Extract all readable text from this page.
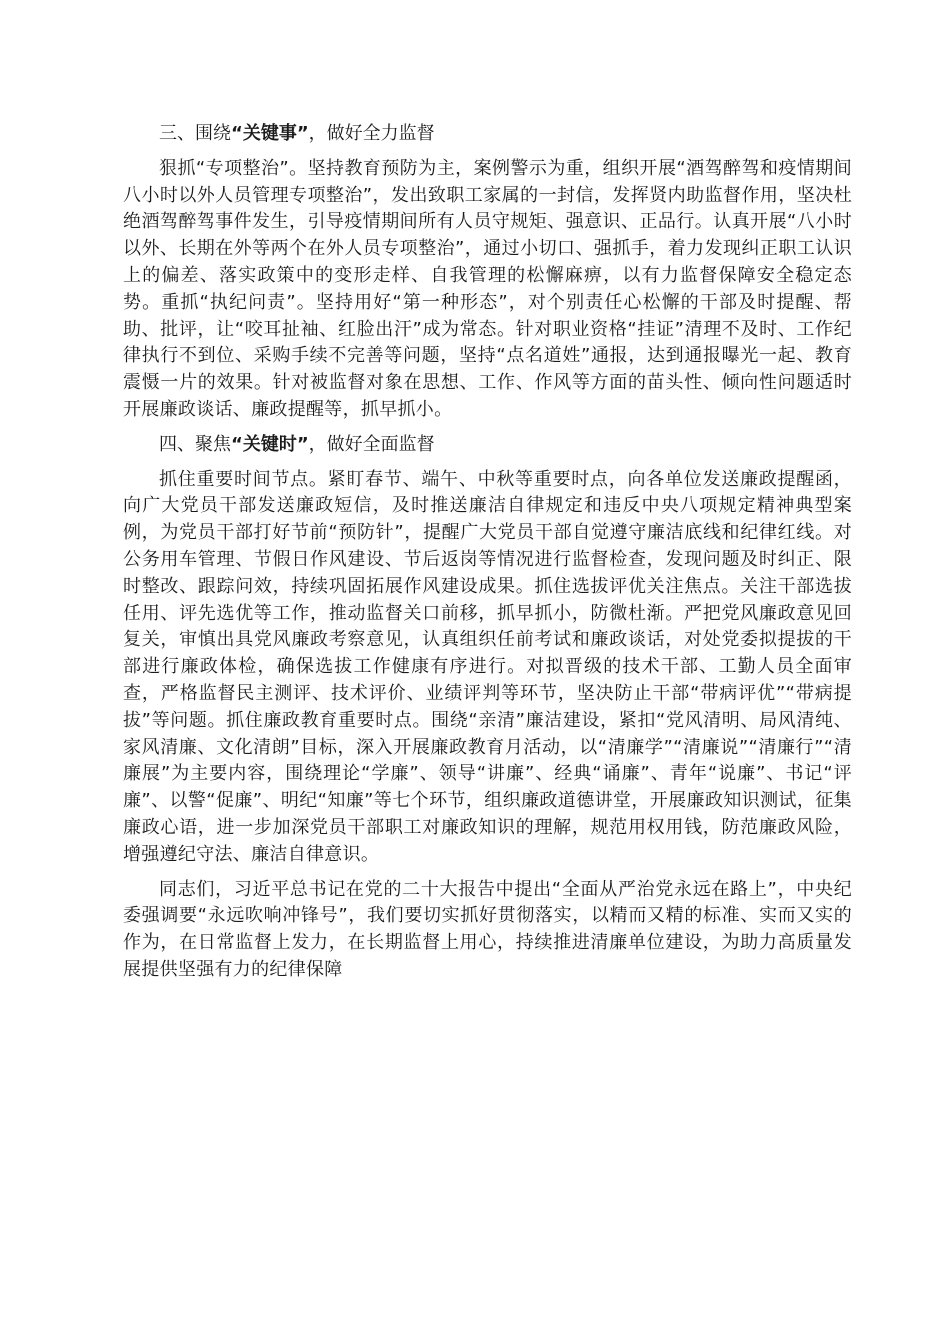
三、围绕“关键事”，做好全力监督

狠抓“专项整治”。坚持教育预防为主，案例警示为重，组织开展“酒驾醉驾和疫情期间八小时以外人员管理专项整治”，发出致职工家属的一封信，发挥贤内助监督作用，坚决杜绝酒驾醉驾事件发生，引导疫情期间所有人员守规矩、强意识、正品行。认真开展“八小时以外、长期在外等两个在外人员专项整治”，通过小切口、强抓手，着力发现纠正职工认识上的偏差、落实政策中的变形走样、自我管理的松懈麻痹，以有力监督保障安全稳定态势。重抓“执纪问责”。坚持用好“第一种形态”，对个别责任心松懈的干部及时提醒、帮助、批评，让“咬耳扯袖、红脸出汗”成为常态。针对职业资格“挂证”清理不及时、工作纪律执行不到位、采购手续不完善等问题，坚持“点名道姓”通报，达到通报曝光一起、教育震慑一片的效果。针对被监督对象在思想、工作、作风等方面的苗头性、倾向性问题适时开展廉政谈话、廉政提醒等，抓早抓小。

四、聚焦“关键时”，做好全面监督

抓住重要时间节点。紧盯春节、端午、中秋等重要时点，向各单位发送廉政提醒函，向广大党员干部发送廉政短信，及时推送廉洁自律规定和违反中央八项规定精神典型案例，为党员干部打好节前“预防针”，提醒广大党员干部自觉遵守廉洁底线和纪律红线。对公务用车管理、节假日作风建设、节后返岗等情况进行监督检查，发现问题及时纠正、限时整改、跟踪问效，持续巩固拓展作风建设成果。抓住选拔评优关注焦点。关注干部选拔任用、评先选优等工作，推动监督关口前移，抓早抓小，防微杜渐。严把党风廉政意见回复关，审慎出具党风廉政考察意见，认真组织任前考试和廉政谈话，对处党委拟提拔的干部进行廉政体检，确保选拔工作健康有序进行。对拟晋级的技术干部、工勤人员全面审查，严格监督民主测评、技术评价、业绩评判等环节，坚决防止干部“带病评优”“带病提拔”等问题。抓住廉政教育重要时点。围绕“亲清”廉洁建设，紧扣“党风清明、局风清纯、家风清廉、文化清朗”目标，深入开展廉政教育月活动，以“清廉学”“清廉说”“清廉行”“清廉展”为主要内容，围绕理论“学廉”、领导“讲廉”、经典“诵廉”、青年“说廉”、书记“评廉”、以警“促廉”、明纪“知廉”等七个环节，组织廉政道德讲堂，开展廉政知识测试，征集廉政心语，进一步加深党员干部职工对廉政知识的理解，规范用权用钱，防范廉政风险，增强遵纪守法、廉洁自律意识。

同志们，习近平总书记在党的二十大报告中提出“全面从严治党永远在路上”，中央纪委强调要“永远吹响冲锋号”，我们要切实抓好贯彻落实，以精而又精的标准、实而又实的作为，在日常监督上发力，在长期监督上用心，持续推进清廉单位建设，为助力高质量发展提供坚强有力的纪律保障
